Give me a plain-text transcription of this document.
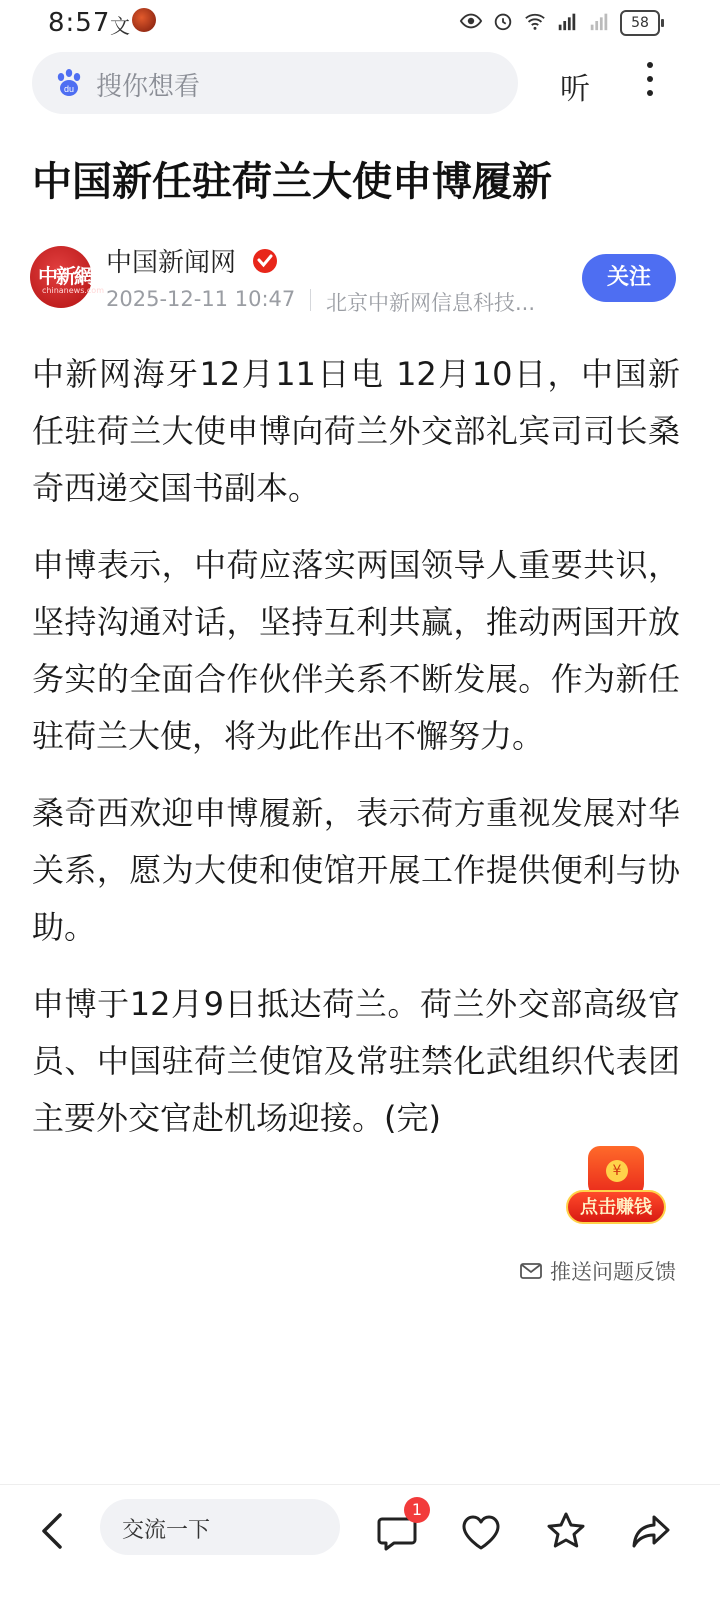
8:57 文	58
du 搜你想看	听
中国新任驻荷兰大使申博履新
中新網
chinanews.com
中国新闻网
2025-12-11 10:47 北京中新网信息科技...
关注

中新网海牙12月11日电 12月10日，中国新任驻荷兰大使申博向荷兰外交部礼宾司司长桑奇西递交国书副本。

申博表示，中荷应落实两国领导人重要共识，坚持沟通对话，坚持互利共赢，推动两国开放务实的全面合作伙伴关系不断发展。作为新任驻荷兰大使，将为此作出不懈努力。

桑奇西欢迎申博履新，表示荷方重视发展对华关系，愿为大使和使馆开展工作提供便利与协助。

申博于12月9日抵达荷兰。荷兰外交部高级官员、中国驻荷兰使馆及常驻禁化武组织代表团主要外交官赴机场迎接。(完)

¥
点击赚钱
推送问题反馈
交流一下
1
